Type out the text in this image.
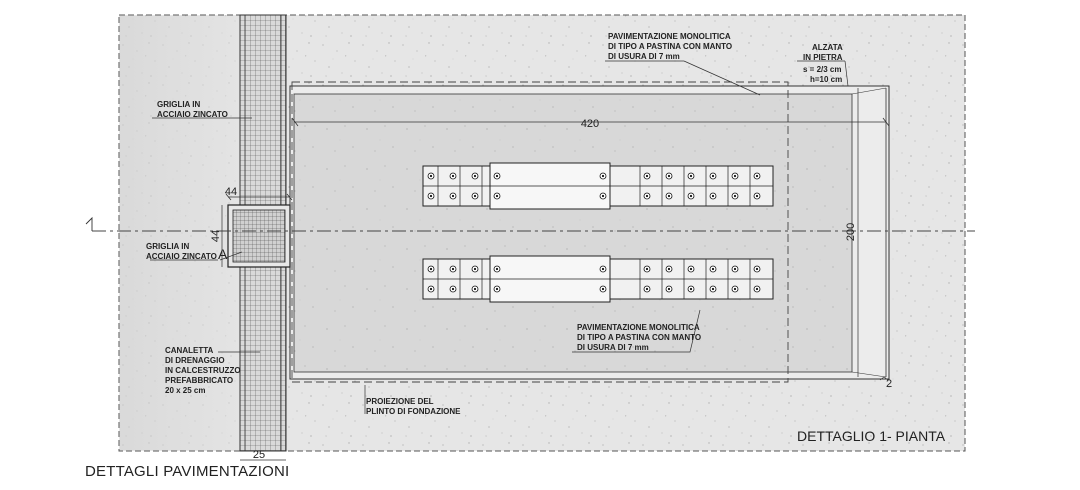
420
200
44
44
A
25
2
PAVIMENTAZIONE MONOLITICA
DI TIPO A PASTINA CON MANTO
DI USURA DI 7 mm
ALZATA
IN PIETRA
s = 2/3 cm
h=10 cm
GRIGLIA IN
ACCIAIO ZINCATO
GRIGLIA IN
ACCIAIO ZINCATO
CANALETTA
DI DRENAGGIO
IN CALCESTRUZZO
PREFABBRICATO
20 x 25 cm
PAVIMENTAZIONE MONOLITICA
DI TIPO A PASTINA CON MANTO
DI USURA DI 7 mm
PROIEZIONE DEL
PLINTO DI FONDAZIONE
DETTAGLIO 1- PIANTA
DETTAGLI PAVIMENTAZIONI
